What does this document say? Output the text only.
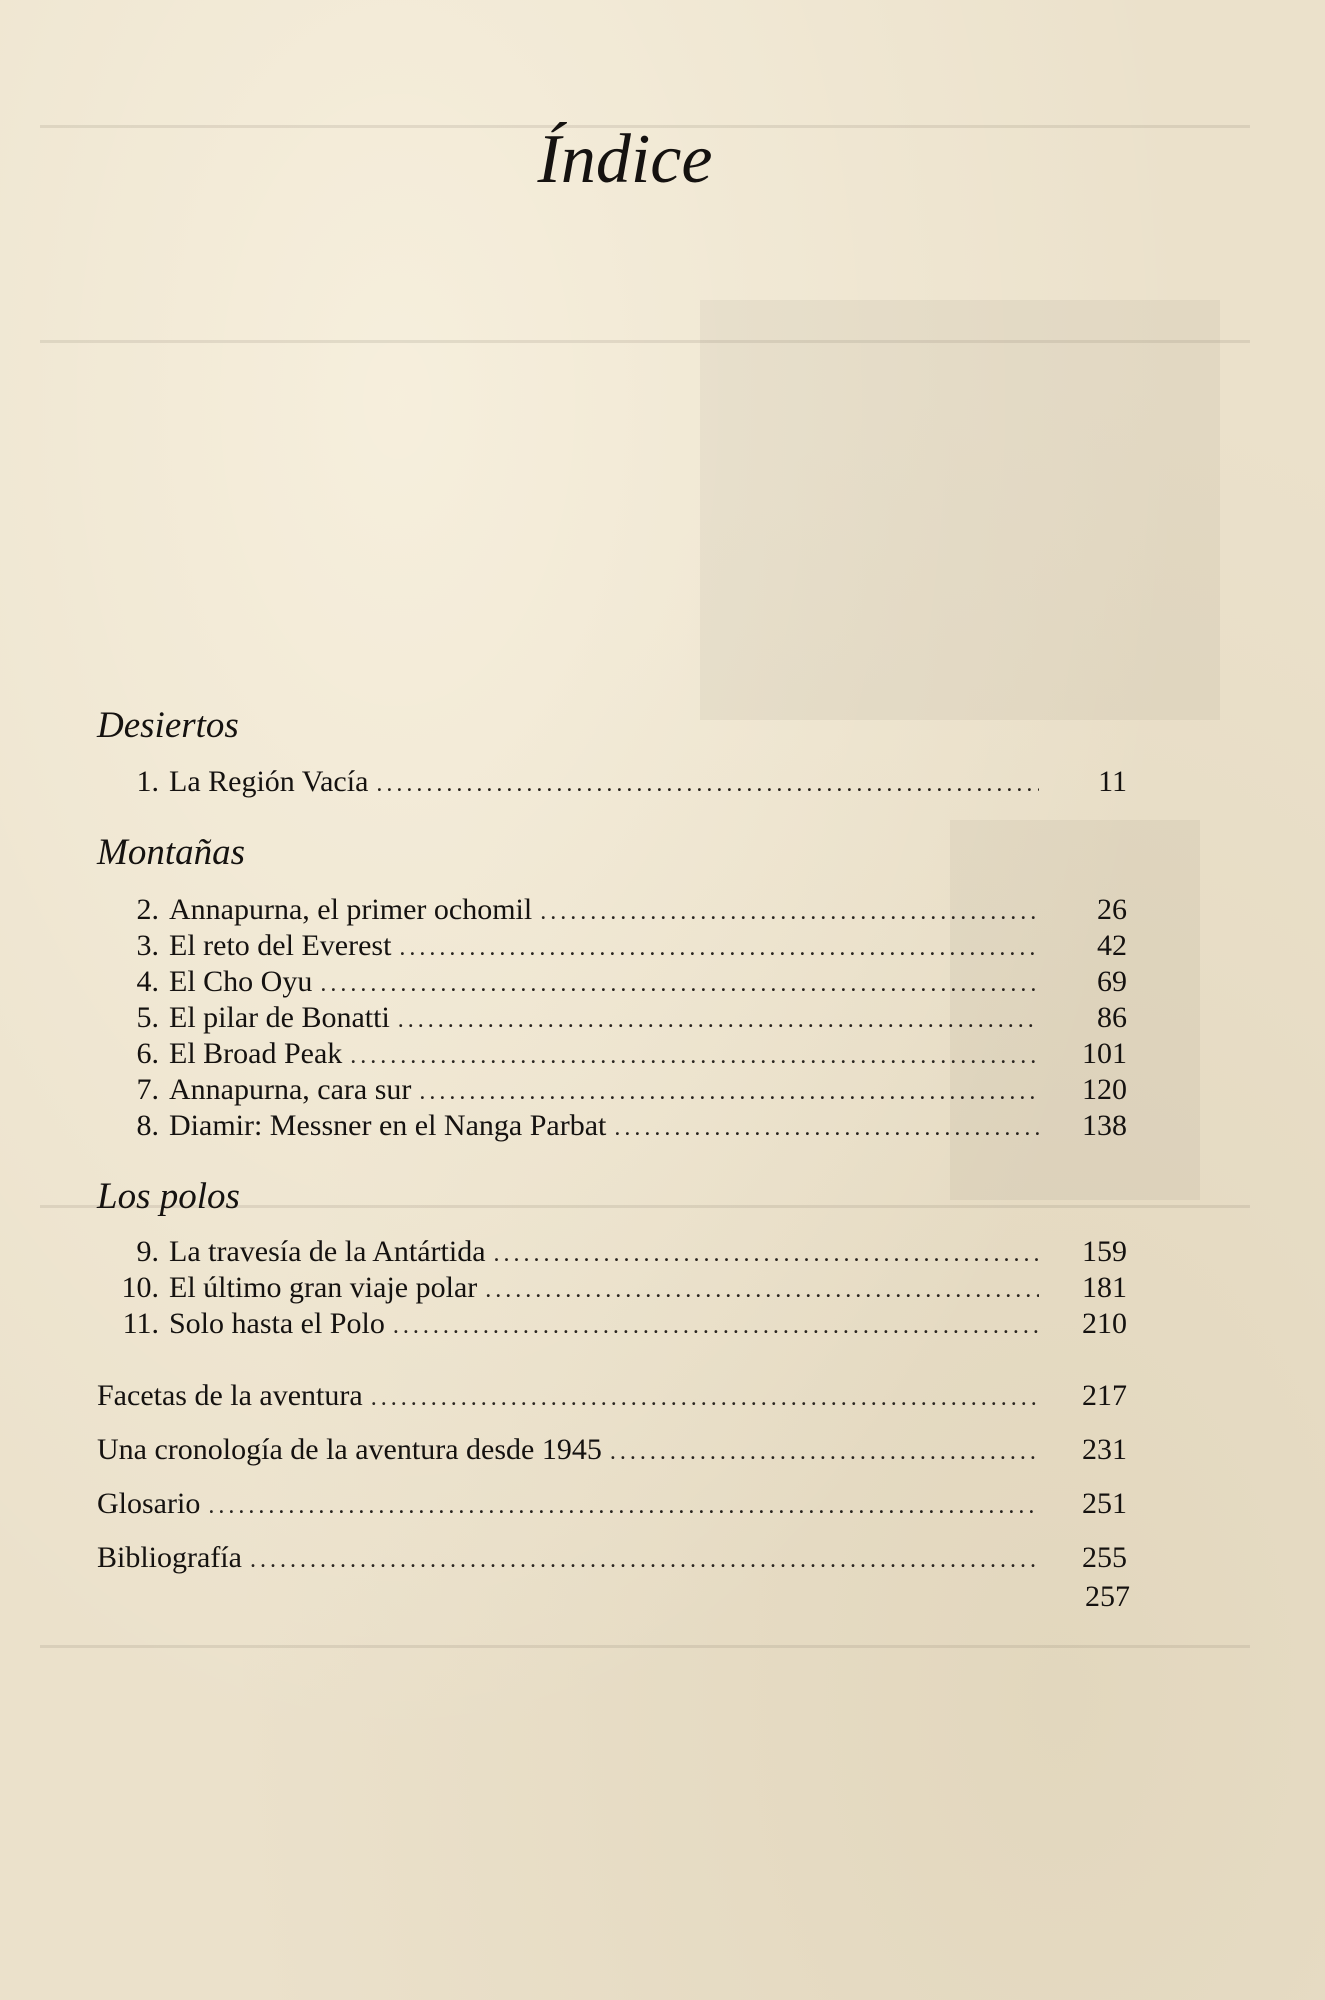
Índice
Desiertos
1. La Región Vacía . . .	11
Montañas
2. Annapurna, el primer ochomil . . .	26
3. El reto del Everest . . .	42
4. El Cho Oyu . . .	69
5. El pilar de Bonatti . . .	86
6. El Broad Peak . . .	101
7. Annapurna, cara sur . . .	120
8. Diamir: Messner en el Nanga Parbat . . .	138
Los polos
9. La travesía de la Antártida . . .	159
10. El último gran viaje polar . . .	181
11. Solo hasta el Polo . . .	210
Facetas de la aventura . . .	217
Una cronología de la aventura desde 1945 . . .	231
Glosario . . .	251
Bibliografía . . .	255
257
